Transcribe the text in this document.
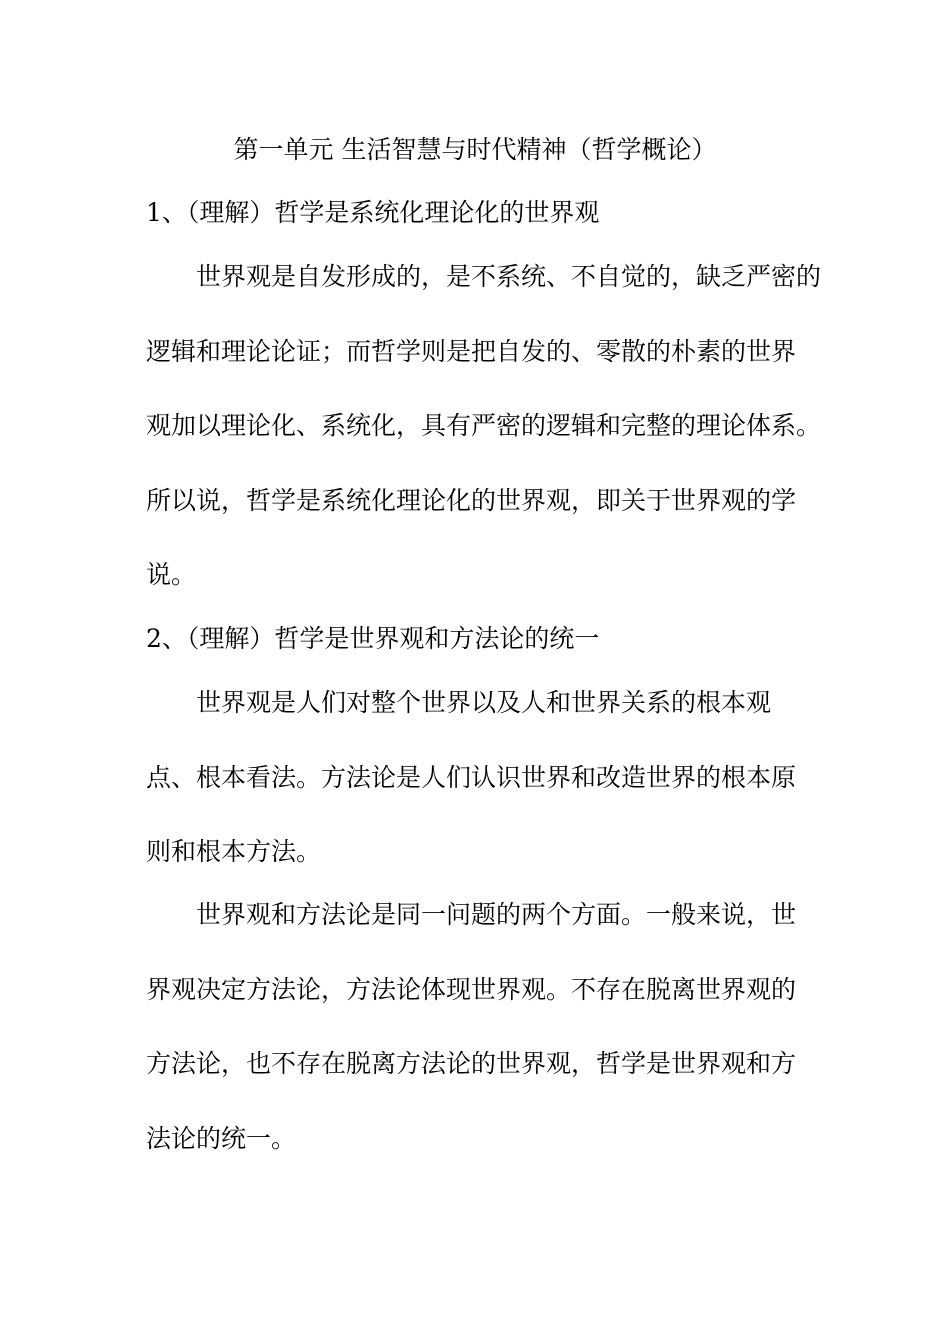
第一单元 生活智慧与时代精神（哲学概论）
1、（理解）哲学是系统化理论化的世界观

世界观是自发形成的，是不系统、不自觉的，缺乏严密的
逻辑和理论论证；而哲学则是把自发的、零散的朴素的世界
观加以理论化、系统化，具有严密的逻辑和完整的理论体系。
所以说，哲学是系统化理论化的世界观，即关于世界观的学
说。

2、（理解）哲学是世界观和方法论的统一

世界观是人们对整个世界以及人和世界关系的根本观
点、根本看法。方法论是人们认识世界和改造世界的根本原
则和根本方法。

世界观和方法论是同一问题的两个方面。一般来说，世
界观决定方法论，方法论体现世界观。不存在脱离世界观的
方法论，也不存在脱离方法论的世界观，哲学是世界观和方
法论的统一。
